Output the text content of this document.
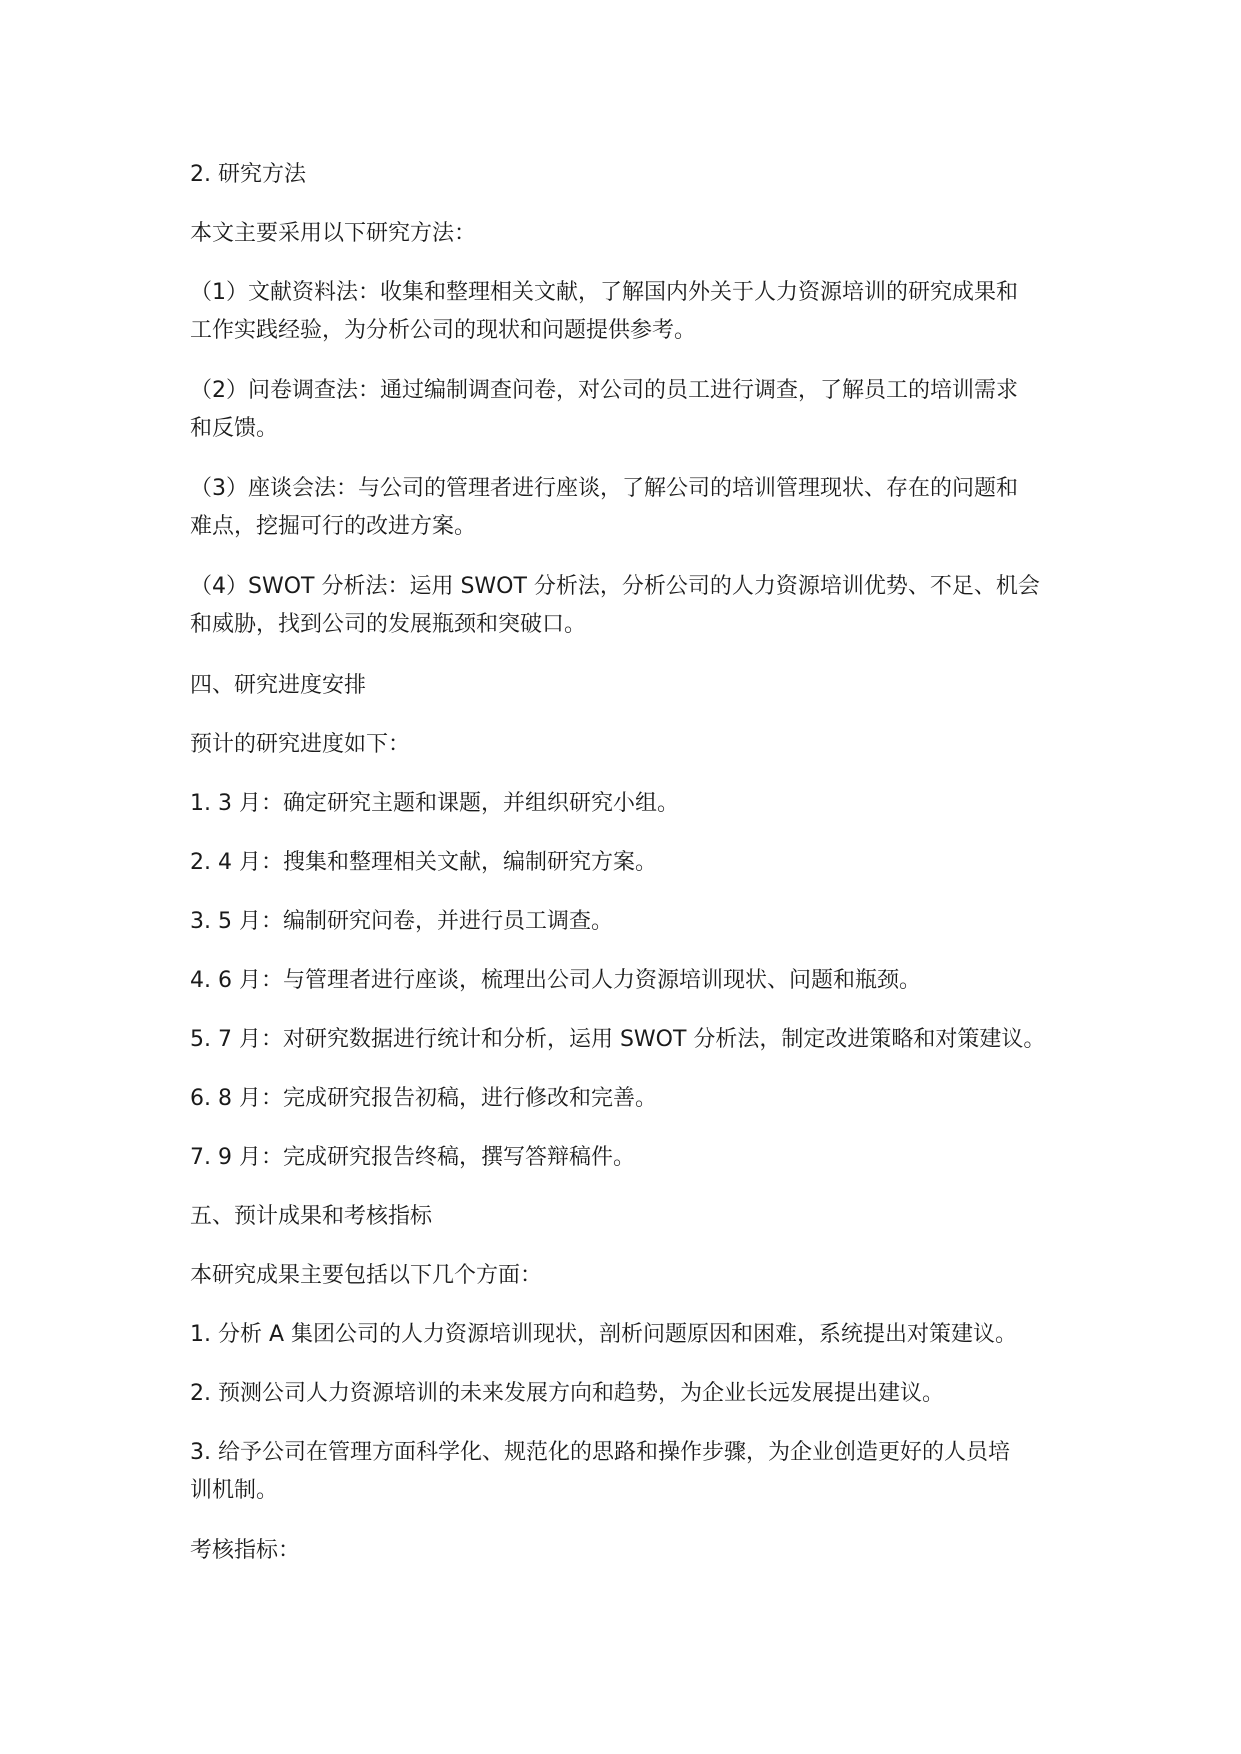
2. 研究方法

本文主要采用以下研究方法：

（1）文献资料法：收集和整理相关文献，了解国内外关于人力资源培训的研究成果和
工作实践经验，为分析公司的现状和问题提供参考。

（2）问卷调查法：通过编制调查问卷，对公司的员工进行调查，了解员工的培训需求
和反馈。

（3）座谈会法：与公司的管理者进行座谈，了解公司的培训管理现状、存在的问题和
难点，挖掘可行的改进方案。

（4）SWOT 分析法：运用 SWOT 分析法，分析公司的人力资源培训优势、不足、机会
和威胁，找到公司的发展瓶颈和突破口。

四、研究进度安排

预计的研究进度如下：

1. 3 月：确定研究主题和课题，并组织研究小组。

2. 4 月：搜集和整理相关文献，编制研究方案。

3. 5 月：编制研究问卷，并进行员工调查。

4. 6 月：与管理者进行座谈，梳理出公司人力资源培训现状、问题和瓶颈。

5. 7 月：对研究数据进行统计和分析，运用 SWOT 分析法，制定改进策略和对策建议。

6. 8 月：完成研究报告初稿，进行修改和完善。

7. 9 月：完成研究报告终稿，撰写答辩稿件。

五、预计成果和考核指标

本研究成果主要包括以下几个方面：

1. 分析 A 集团公司的人力资源培训现状，剖析问题原因和困难，系统提出对策建议。

2. 预测公司人力资源培训的未来发展方向和趋势，为企业长远发展提出建议。

3. 给予公司在管理方面科学化、规范化的思路和操作步骤，为企业创造更好的人员培
训机制。

考核指标：
